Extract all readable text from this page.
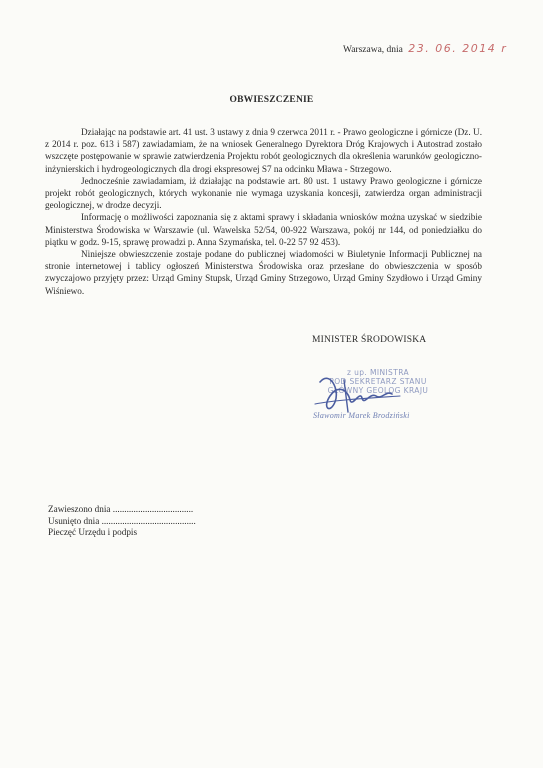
Warszawa, dnia 23. 06. 2014 r
OBWIESZCZENIE

Działając na podstawie art. 41 ust. 3 ustawy z dnia 9 czerwca 2011 r. - Prawo geologiczne i górnicze (Dz. U. z 2014 r. poz. 613 i 587) zawiadamiam, że na wniosek Generalnego Dyrektora Dróg Krajowych i Autostrad zostało wszczęte postępowanie w sprawie zatwierdzenia Projektu robót geologicznych dla określenia warunków geologiczno-inżynierskich i hydrogeologicznych dla drogi ekspresowej S7 na odcinku Mława - Strzegowo.

Jednocześnie zawiadamiam, iż działając na podstawie art. 80 ust. 1 ustawy Prawo geologiczne i górnicze projekt robót geologicznych, których wykonanie nie wymaga uzyskania koncesji, zatwierdza organ administracji geologicznej, w drodze decyzji.

Informację o możliwości zapoznania się z aktami sprawy i składania wniosków można uzyskać w siedzibie Ministerstwa Środowiska w Warszawie (ul. Wawelska 52/54, 00-922 Warszawa, pokój nr 144, od poniedziałku do piątku w godz. 9-15, sprawę prowadzi p. Anna Szymańska, tel. 0-22 57 92 453).

Niniejsze obwieszczenie zostaje podane do publicznej wiadomości w Biuletynie Informacji Publicznej na stronie internetowej i tablicy ogłoszeń Ministerstwa Środowiska oraz przesłane do obwieszczenia w sposób zwyczajowo przyjęty przez: Urząd Gminy Stupsk, Urząd Gminy Strzegowo, Urząd Gminy Szydłowo i Urząd Gminy Wiśniewo.

MINISTER ŚRODOWISKA
z up. MINISTRA
POD SEKRETARZ STANU
GŁÓWNY GEOLOG KRAJU
Sławomir Marek Brodziński
Zawieszono dnia ...................................
Usunięto dnia .........................................
Pieczęć Urzędu i podpis
